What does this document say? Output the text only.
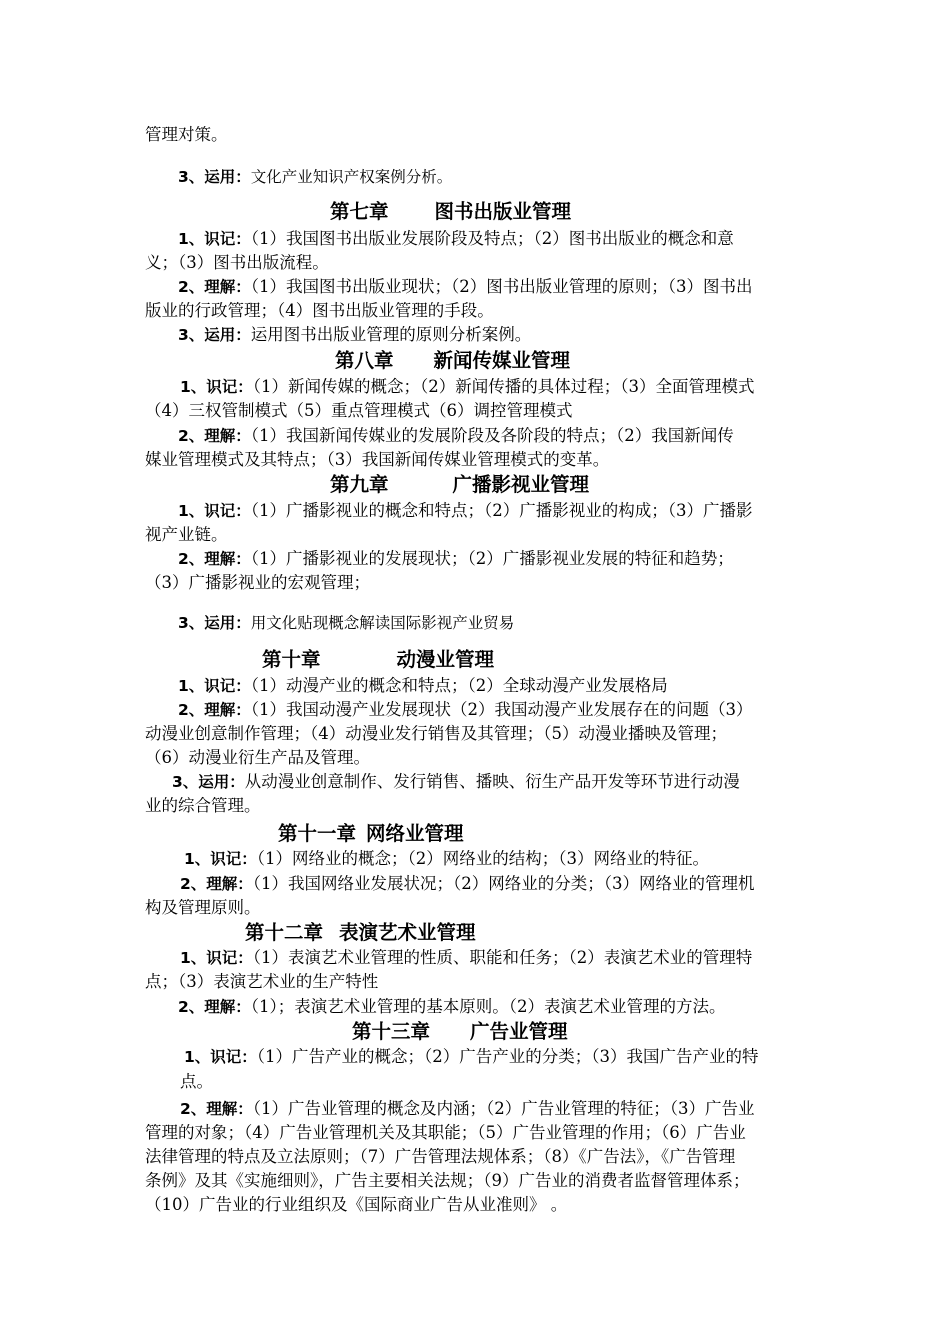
管理对策。
3、运用：文化产业知识产权案例分析。
第七章 图书出版业管理
1、识记：（1）我国图书出版业发展阶段及特点；（2）图书出版业的概念和意
义；（3）图书出版流程。
2、理解：（1）我国图书出版业现状；（2）图书出版业管理的原则；（3）图书出
版业的行政管理；（4）图书出版业管理的手段。
3、运用：运用图书出版业管理的原则分析案例。
第八章 新闻传媒业管理
1、识记：（1）新闻传媒的概念；（2）新闻传播的具体过程；（3）全面管理模式
（4）三权管制模式（5）重点管理模式（6）调控管理模式
2、理解：（1）我国新闻传媒业的发展阶段及各阶段的特点；（2）我国新闻传
媒业管理模式及其特点；（3）我国新闻传媒业管理模式的变革。
第九章	广播影视业管理
1、识记：（1）广播影视业的概念和特点；（2）广播影视业的构成；（3）广播影
视产业链。
2、理解：（1）广播影视业的发展现状；（2）广播影视业发展的特征和趋势；
（3）广播影视业的宏观管理；
3、运用：用文化贴现概念解读国际影视产业贸易
第十章	动漫业管理
1、识记：（1）动漫产业的概念和特点；（2）全球动漫产业发展格局
2、理解：（1）我国动漫产业发展现状（2）我国动漫产业发展存在的问题（3）
动漫业创意制作管理；（4）动漫业发行销售及其管理；（5）动漫业播映及管理；
（6）动漫业衍生产品及管理。
3、运用：从动漫业创意制作、发行销售、播映、衍生产品开发等环节进行动漫
业的综合管理。
第十一章 网络业管理
1、识记：（1）网络业的概念；（2）网络业的结构；（3）网络业的特征。
2、理解：（1）我国网络业发展状况；（2）网络业的分类；（3）网络业的管理机
构及管理原则。
第十二章 表演艺术业管理
1、识记：（1）表演艺术业管理的性质、职能和任务；（2）表演艺术业的管理特
点；（3）表演艺术业的生产特性
2、理解：（1）；表演艺术业管理的基本原则。（2）表演艺术业管理的方法。
第十三章 广告业管理
1、识记：（1）广告产业的概念；（2）广告产业的分类；（3）我国广告产业的特
点。
2、理解：（1）广告业管理的概念及内涵；（2）广告业管理的特征；（3）广告业
管理的对象；（4）广告业管理机关及其职能；（5）广告业管理的作用；（6）广告业
法律管理的特点及立法原则；（7）广告管理法规体系；（8）《广告法》，《广告管理
条例》及其《实施细则》，广告主要相关法规；（9）广告业的消费者监督管理体系；
（10）广告业的行业组织及《国际商业广告从业准则》 。
